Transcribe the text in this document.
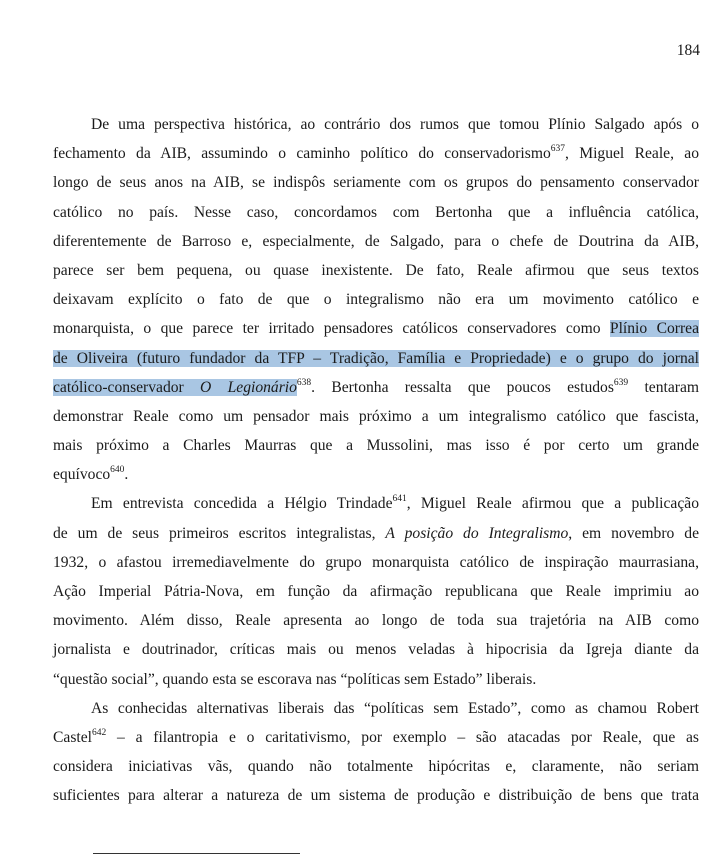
184
De uma perspectiva histórica, ao contrário dos rumos que tomou Plínio Salgado após o
fechamento da AIB, assumindo o caminho político do conservadorismo$^{637}$, Miguel Reale, ao
longo de seus anos na AIB, se indispôs seriamente com os grupos do pensamento conservador
católico no país. Nesse caso, concordamos com Bertonha que a influência católica,
diferentemente de Barroso e, especialmente, de Salgado, para o chefe de Doutrina da AIB,
parece ser bem pequena, ou quase inexistente. De fato, Reale afirmou que seus textos
deixavam explícito o fato de que o integralismo não era um movimento católico e
monarquista, o que parece ter irritado pensadores católicos conservadores como Plínio Correa
de Oliveira (futuro fundador da TFP – Tradição, Família e Propriedade) e o grupo do jornal
católico-conservador O Legionário$^{638}$. Bertonha ressalta que poucos estudos$^{639}$ tentaram
demonstrar Reale como um pensador mais próximo a um integralismo católico que fascista,
mais próximo a Charles Maurras que a Mussolini, mas isso é por certo um grande
equívoco$^{640}$.
Em entrevista concedida a Hélgio Trindade$^{641}$, Miguel Reale afirmou que a publicação
de um de seus primeiros escritos integralistas, A posição do Integralismo, em novembro de
1932, o afastou irremediavelmente do grupo monarquista católico de inspiração maurrasiana,
Ação Imperial Pátria-Nova, em função da afirmação republicana que Reale imprimiu ao
movimento. Além disso, Reale apresenta ao longo de toda sua trajetória na AIB como
jornalista e doutrinador, críticas mais ou menos veladas à hipocrisia da Igreja diante da
“questão social”, quando esta se escorava nas “políticas sem Estado” liberais.
As conhecidas alternativas liberais das “políticas sem Estado”, como as chamou Robert
Castel$^{642}$ – a filantropia e o caritativismo, por exemplo – são atacadas por Reale, que as
considera iniciativas vãs, quando não totalmente hipócritas e, claramente, não seriam
suficientes para alterar a natureza de um sistema de produção e distribuição de bens que trata
